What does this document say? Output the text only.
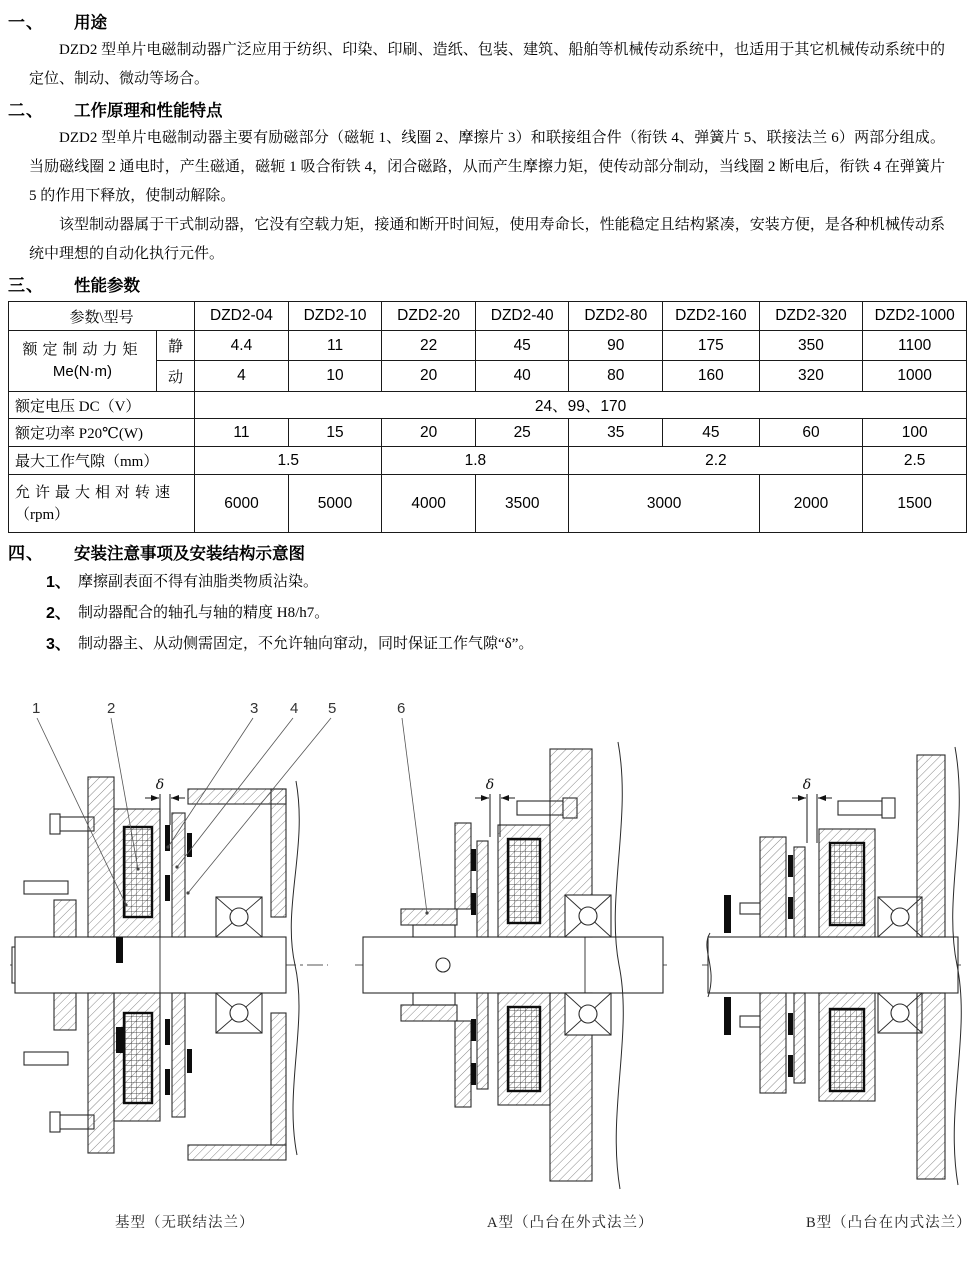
一、	用途

DZD2 型单片电磁制动器广泛应用于纺织、印染、印刷、造纸、包装、建筑、船舶等机械传动系统中，也适用于其它机械传动系统中的定位、制动、微动等场合。

二、	工作原理和性能特点

DZD2 型单片电磁制动器主要有励磁部分（磁轭 1、线圈 2、摩擦片 3）和联接组合件（衔铁 4、弹簧片 5、联接法兰 6）两部分组成。当励磁线圈 2 通电时，产生磁通，磁轭 1 吸合衔铁 4，闭合磁路，从而产生摩擦力矩，使传动部分制动，当线圈 2 断电后，衔铁 4 在弹簧片 5 的作用下释放，使制动解除。

该型制动器属于干式制动器，它没有空载力矩，接通和断开时间短，使用寿命长，性能稳定且结构紧凑，安装方便，是各种机械传动系统中理想的自动化执行元件。

三、	性能参数
参数\型号		DZD2-04	DZD2-10	DZD2-20	DZD2-40	DZD2-80	DZD2-160	DZD2-320	DZD2-1000

额定制动力矩
Me(N·m)	静	4.4	11	22	45	90	175	350	1100
	动	4	10	20	40	80	160	320	1000
额定电压 DC（V）		24、99、170							
额定功率 P20℃(W)		11	15	20	25	35	45	60	100
最大工作气隙（mm）		1.5		1.8		2.2			2.5

允许最大相对转速
（rpm）		6000	5000	4000	3500	3000		2000	1500
四、	安装注意事项及安装结构示意图
1、 摩擦副表面不得有油脂类物质沾染。
2、 制动器配合的轴孔与轴的精度 H8/h7。
3、 制动器主、从动侧需固定，不允许轴向窜动，同时保证工作气隙“δ”。
δ
1	2	3 4 5
δ
6
δ
基型（无联结法兰）	A型（凸台在外式法兰）	B型（凸台在内式法兰）
